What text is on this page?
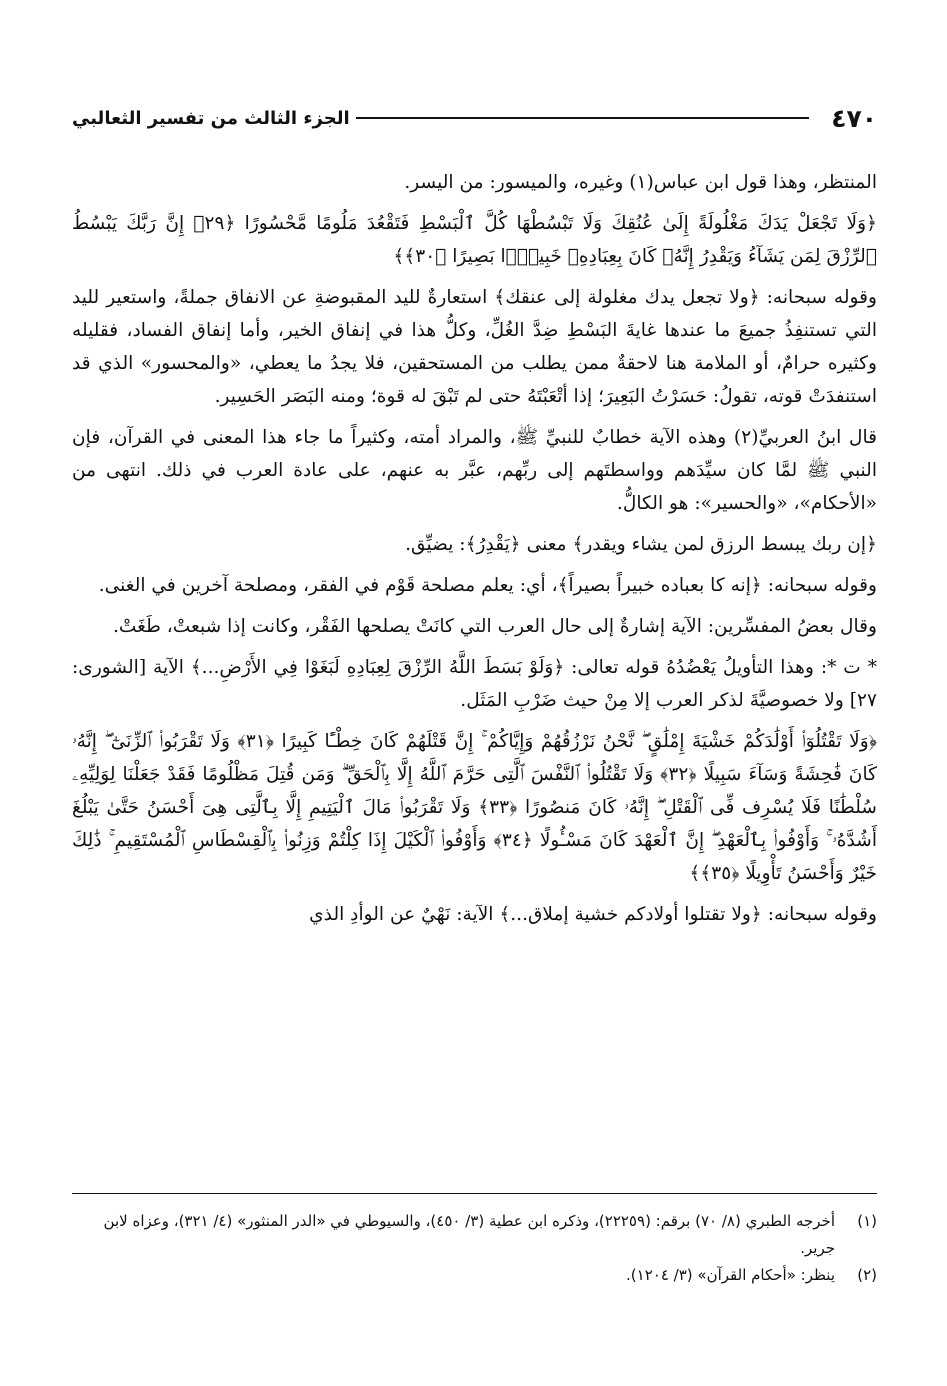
٤٧٠
الجزء الثالث من تفسير الثعالبي

المنتظر، وهذا قول ابن عباس(١) وغيره، والميسور: من اليسر.

﴿وَلَا تَجْعَلْ يَدَكَ مَغْلُولَةً إِلَىٰ عُنُقِكَ وَلَا تَبْسُطْهَا كُلَّ ٱلْبَسْطِ فَتَقْعُدَ مَلُومًا مَّحْسُورًا ﴿٢٩﴾ إِنَّ رَبَّكَ يَبْسُطُ ٱلرِّزْقَ لِمَن يَشَآءُ وَيَقْدِرُ إِنَّهُۥ كَانَ بِعِبَادِهِۦ خَبِيرًۢا بَصِيرًا ﴿٣٠﴾﴾

وقوله سبحانه: ﴿ولا تجعل يدك مغلولة إلى عنقك﴾ استعارةٌ لليد المقبوضةِ عن الانفاق جملةً، واستعير لليد التي تستنفِذُ جميعَ ما عندها غايةَ البَسْطِ ضِدَّ الغُلِّ، وكلُّ هذا في إنفاق الخير، وأما إنفاق الفساد، فقليله وكثيره حرامٌ، أو الملامة هنا لاحقةٌ ممن يطلب من المستحقين، فلا يجدُ ما يعطي، «والمحسور» الذي قد استنفدَتْ قوته، تقولُ: حَسَرْتُ البَعِيرَ؛ إذا أتْعَبْتَهُ حتى لم تَبْقَ له قوة؛ ومنه البَصَر الحَسِير.

قال ابنُ العربيِّ(٢) وهذه الآية خطابٌ للنبيِّ ﷺ، والمراد أمته، وكثيراً ما جاء هذا المعنى في القرآن، فإن النبي ﷺ لمَّا كان سيِّدَهم وواسطتَهم إلى ربِّهم، عبَّر به عنهم، على عادة العرب في ذلك. انتهى من «الأحكام»، «والحسير»: هو الكالُّ.

﴿إن ربك يبسط الرزق لمن يشاء ويقدر﴾ معنى ﴿يَقْدِرُ﴾: يضيِّق.

وقوله سبحانه: ﴿إنه كا بعباده خبيراً بصيراً﴾، أي: يعلم مصلحة قَوْم في الفقر، ومصلحة آخرين في الغنى.

وقال بعضُ المفسِّرين: الآية إشارةٌ إلى حال العرب التي كانَتْ يصلحها الفَقْر، وكانت إذا شبعتْ، طَغَتْ.

* ت *: وهذا التأويلُ يَعْضُدُهُ قوله تعالى: ﴿وَلَوْ بَسَطَ اللَّهُ الرِّزْقَ لِعِبَادِهِ لَبَغَوْا فِي الأَرْضِ...﴾ الآية [الشورى: ٢٧] ولا خصوصيَّةَ لذكر العرب إلا مِنْ حيث ضَرْبِ المَثَل.

﴿وَلَا تَقْتُلُوٓا۟ أَوْلَٰدَكُمْ خَشْيَةَ إِمْلَٰقٍ ۖ نَّحْنُ نَرْزُقُهُمْ وَإِيَّاكُمْ ۚ إِنَّ قَتْلَهُمْ كَانَ خِطْـًٔا كَبِيرًا ﴿٣١﴾ وَلَا تَقْرَبُوا۟ ٱلزِّنَىٰٓ ۖ إِنَّهُۥ كَانَ فَٰحِشَةً وَسَآءَ سَبِيلًا ﴿٣٢﴾ وَلَا تَقْتُلُوا۟ ٱلنَّفْسَ ٱلَّتِى حَرَّمَ ٱللَّهُ إِلَّا بِٱلْحَقِّ ۗ وَمَن قُتِلَ مَظْلُومًا فَقَدْ جَعَلْنَا لِوَلِيِّهِۦ سُلْطَٰنًا فَلَا يُسْرِف فِّى ٱلْقَتْلِ ۖ إِنَّهُۥ كَانَ مَنصُورًا ﴿٣٣﴾ وَلَا تَقْرَبُوا۟ مَالَ ٱلْيَتِيمِ إِلَّا بِٱلَّتِى هِىَ أَحْسَنُ حَتَّىٰ يَبْلُغَ أَشُدَّهُۥ ۚ وَأَوْفُوا۟ بِٱلْعَهْدِ ۖ إِنَّ ٱلْعَهْدَ كَانَ مَسْـُٔولًا ﴿٣٤﴾ وَأَوْفُوا۟ ٱلْكَيْلَ إِذَا كِلْتُمْ وَزِنُوا۟ بِٱلْقِسْطَاسِ ٱلْمُسْتَقِيمِ ۚ ذَٰلِكَ خَيْرٌ وَأَحْسَنُ تَأْوِيلًا ﴿٣٥﴾﴾

وقوله سبحانه: ﴿ولا تقتلوا أولادكم خشية إملاق...﴾ الآية: نَهْيٌ عن الوأدِ الذي

(١)
أخرجه الطبري (٨/ ٧٠) برقم: (٢٢٢٥٩)، وذكره ابن عطية (٣/ ٤٥٠)، والسيوطي في «الدر المنثور» (٤/ ٣٢١)، وعزاه لابن جرير.
(٢)
ينظر: «أحكام القرآن» (٣/ ١٢٠٤).
